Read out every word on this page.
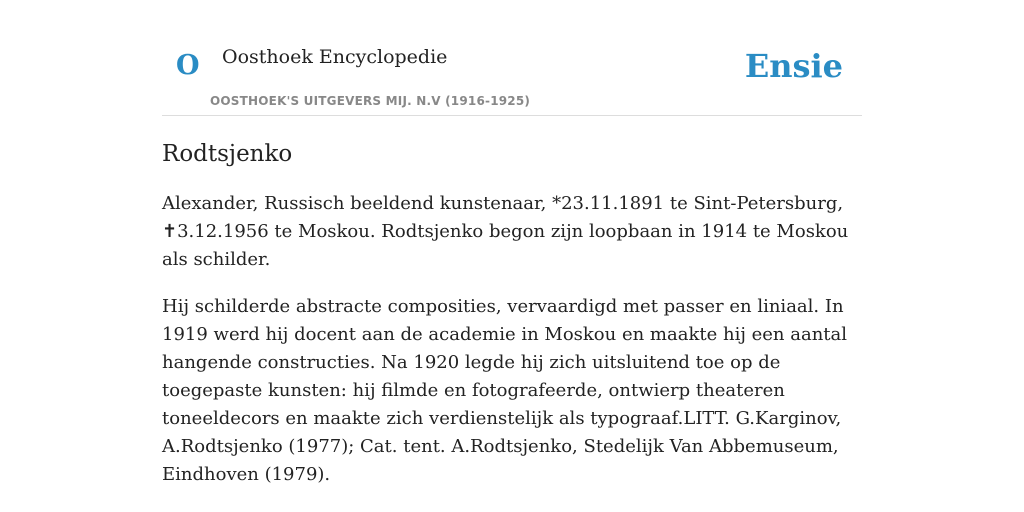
O Oosthoek Encyclopedie
OOSTHOEK'S UITGEVERS MIJ. N.V (1916-1925)
Ensie
Rodtsjenko

Alexander, Russisch beeldend kunstenaar, *23.11.1891 te Sint-Petersburg, ✝3.12.1956 te Moskou. Rodtsjenko begon zijn loopbaan in 1914 te Moskou als schilder.

Hij schilderde abstracte composities, vervaardigd met passer en liniaal. In 1919 werd hij docent aan de academie in Moskou en maakte hij een aantal hangende constructies. Na 1920 legde hij zich uitsluitend toe op de toegepaste kunsten: hij filmde en fotografeerde, ontwierp theateren toneeldecors en maakte zich verdienstelijk als typograaf.LITT. G.Karginov, A.Rodtsjenko (1977); Cat. tent. A.Rodtsjenko, Stedelijk Van Abbemuseum, Eindhoven (1979).
